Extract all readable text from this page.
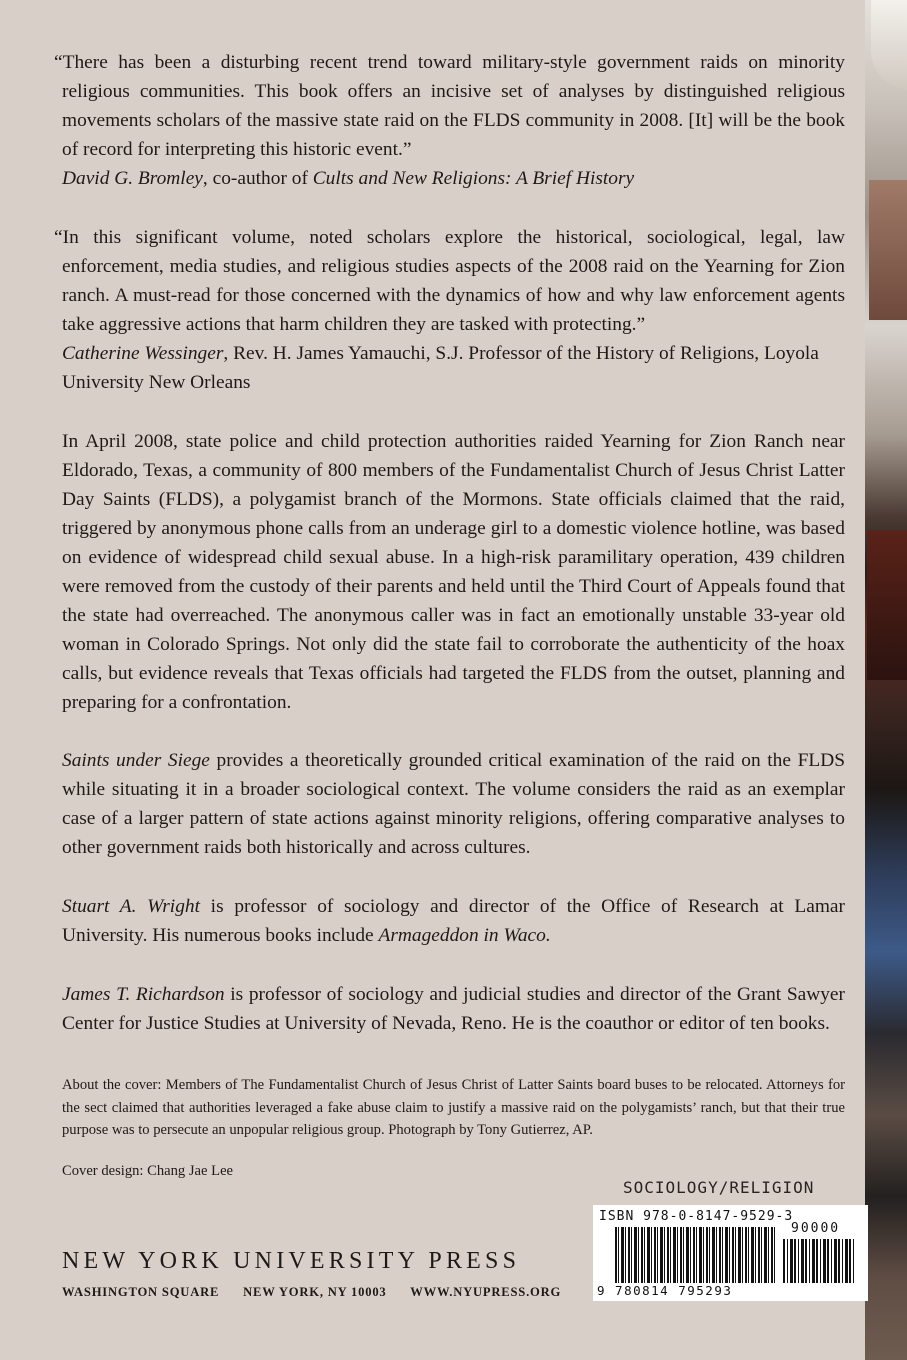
“There has been a disturbing recent trend toward military-style government raids on minority religious communities. This book offers an incisive set of analyses by distinguished religious movements scholars of the massive state raid on the FLDS community in 2008. [It] will be the book of record for interpreting this historic event.”
David G. Bromley, co-author of Cults and New Religions: A Brief History
“In this significant volume, noted scholars explore the historical, sociological, legal, law enforcement, media studies, and religious studies aspects of the 2008 raid on the Yearning for Zion ranch. A must-read for those concerned with the dynamics of how and why law enforcement agents take aggressive actions that harm children they are tasked with protecting.”
Catherine Wessinger, Rev. H. James Yamauchi, S.J. Professor of the History of Religions, Loyola University New Orleans
In April 2008, state police and child protection authorities raided Yearning for Zion Ranch near Eldorado, Texas, a community of 800 members of the Fundamentalist Church of Jesus Christ Latter Day Saints (FLDS), a polygamist branch of the Mormons. State officials claimed that the raid, triggered by anonymous phone calls from an underage girl to a domestic violence hotline, was based on evidence of widespread child sexual abuse. In a high-risk paramilitary operation, 439 children were removed from the custody of their parents and held until the Third Court of Appeals found that the state had overreached. The anonymous caller was in fact an emotionally unstable 33-year old woman in Colorado Springs. Not only did the state fail to corroborate the authenticity of the hoax calls, but evidence reveals that Texas officials had targeted the FLDS from the outset, planning and preparing for a confrontation.
Saints under Siege provides a theoretically grounded critical examination of the raid on the FLDS while situating it in a broader sociological context. The volume considers the raid as an exemplar case of a larger pattern of state actions against minority religions, offering comparative analyses to other government raids both historically and across cultures.
Stuart A. Wright is professor of sociology and director of the Office of Research at Lamar University. His numerous books include Armageddon in Waco.
James T. Richardson is professor of sociology and judicial studies and director of the Grant Sawyer Center for Justice Studies at University of Nevada, Reno. He is the coauthor or editor of ten books.
About the cover: Members of The Fundamentalist Church of Jesus Christ of Latter Saints board buses to be relocated. Attorneys for the sect claimed that authorities leveraged a fake abuse claim to justify a massive raid on the polygamists’ ranch, but that their true purpose was to persecute an unpopular religious group. Photograph by Tony Gutierrez, AP.
Cover design: Chang Jae Lee
SOCIOLOGY/RELIGION
ISBN 978-0-8147-9529-3
90000
9 780814 795293
NEW YORK UNIVERSITY PRESS
WASHINGTON SQUARE NEW YORK, NY 10003 WWW.NYUPRESS.ORG
